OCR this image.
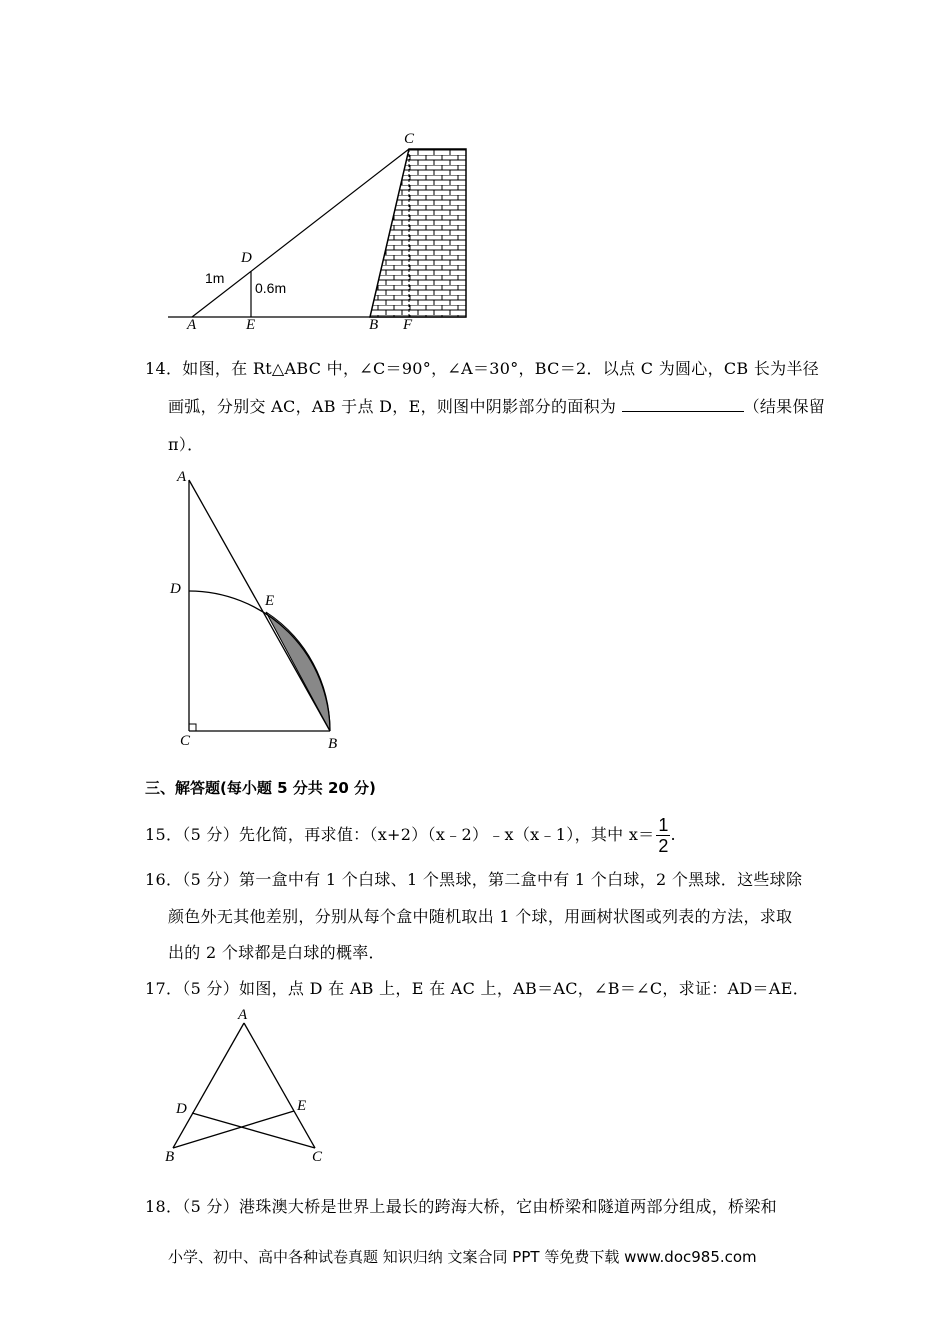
C
D
A	E	B F
1m
0.6m
14．如图，在 Rt△ABC 中，∠C＝90°，∠A＝30°，BC＝2．以点 C 为圆心，CB 长为半径
画弧，分别交 AC，AB 于点 D，E，则图中阴影部分的面积为	（结果保留
π）．
A
D
E
C	B
三、解答题(每小题 5 分共 20 分)
15．（5 分）先化简，再求值：（x+2）（x﹣2）﹣x（x﹣1），其中 $x= \frac{1}{2}$ .
16．（5 分）第一盒中有 1 个白球、1 个黑球，第二盒中有 1 个白球，2 个黑球．这些球除
颜色外无其他差别，分别从每个盒中随机取出 1 个球，用画树状图或列表的方法，求取
出的 2 个球都是白球的概率．
17．（5 分）如图，点 D 在 AB 上，E 在 AC 上，AB＝AC，∠B＝∠C，求证：AD＝AE．
A
D	E
B	C
18．（5 分）港珠澳大桥是世界上最长的跨海大桥，它由桥梁和隧道两部分组成，桥梁和
小学、初中、高中各种试卷真题 知识归纳 文案合同 PPT 等免费下载 www.doc985.com
